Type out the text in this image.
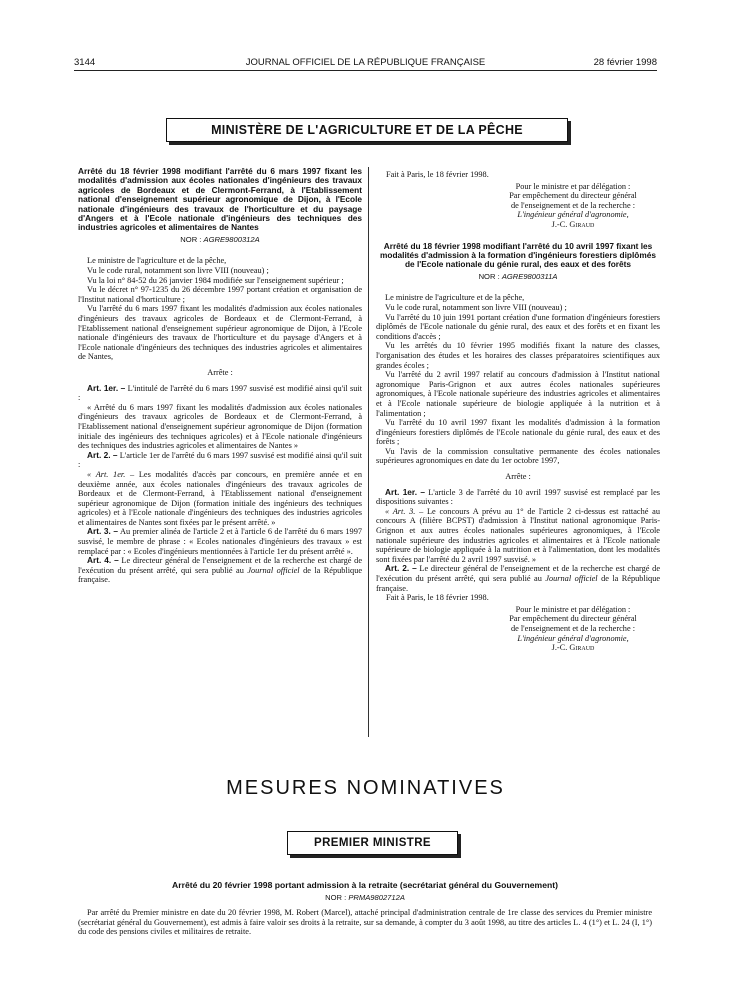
3144	JOURNAL OFFICIEL DE LA RÉPUBLIQUE FRANÇAISE	28 février 1998
MINISTÈRE DE L'AGRICULTURE ET DE LA PÊCHE

Arrêté du 18 février 1998 modifiant l'arrêté du 6 mars 1997 fixant les modalités d'admission aux écoles nationales d'ingénieurs des travaux agricoles de Bordeaux et de Clermont-Ferrand, à l'Etablissement national d'enseignement supérieur agronomique de Dijon, à l'Ecole nationale d'ingénieurs des travaux de l'horticulture et du paysage d'Angers et à l'Ecole nationale d'ingénieurs des techniques des industries agricoles et alimentaires de Nantes

NOR : AGRE9800312A

Le ministre de l'agriculture et de la pêche,

Vu le code rural, notamment son livre VIII (nouveau) ;

Vu la loi n° 84-52 du 26 janvier 1984 modifiée sur l'enseignement supérieur ;

Vu le décret n° 97-1235 du 26 décembre 1997 portant création et organisation de l'Institut national d'horticulture ;

Vu l'arrêté du 6 mars 1997 fixant les modalités d'admission aux écoles nationales d'ingénieurs des travaux agricoles de Bordeaux et de Clermont-Ferrand, à l'Etablissement national d'enseignement supérieur agronomique de Dijon, à l'Ecole nationale d'ingénieurs des travaux de l'horticulture et du paysage d'Angers et à l'Ecole nationale d'ingénieurs des techniques des industries agricoles et alimentaires de Nantes,

Arrête :

Art. 1er. – L'intitulé de l'arrêté du 6 mars 1997 susvisé est modifié ainsi qu'il suit :

« Arrêté du 6 mars 1997 fixant les modalités d'admission aux écoles nationales d'ingénieurs des travaux agricoles de Bordeaux et de Clermont-Ferrand, à l'Etablissement national d'enseignement supérieur agronomique de Dijon (formation initiale des ingénieurs des techniques agricoles) et à l'Ecole nationale d'ingénieurs des techniques des industries agricoles et alimentaires de Nantes »

Art. 2. – L'article 1er de l'arrêté du 6 mars 1997 susvisé est modifié ainsi qu'il suit :

« Art. 1er. – Les modalités d'accès par concours, en première année et en deuxième année, aux écoles nationales d'ingénieurs des travaux agricoles de Bordeaux et de Clermont-Ferrand, à l'Etablissement national d'enseignement supérieur agronomique de Dijon (formation initiale des ingénieurs des techniques agricoles) et à l'Ecole nationale d'ingénieurs des techniques des industries agricoles et alimentaires de Nantes sont fixées par le présent arrêté. »

Art. 3. – Au premier alinéa de l'article 2 et à l'article 6 de l'arrêté du 6 mars 1997 susvisé, le membre de phrase : « Ecoles nationales d'ingénieurs des travaux » est remplacé par : « Ecoles d'ingénieurs mentionnées à l'article 1er du présent arrêté ».

Art. 4. – Le directeur général de l'enseignement et de la recherche est chargé de l'exécution du présent arrêté, qui sera publié au Journal officiel de la République française.

Fait à Paris, le 18 février 1998.

Pour le ministre et par délégation :
Par empêchement du directeur général
de l'enseignement et de la recherche :
L'ingénieur général d'agronomie,
J.-C. Giraud

Arrêté du 18 février 1998 modifiant l'arrêté du 10 avril 1997 fixant les modalités d'admission à la formation d'ingénieurs forestiers diplômés de l'Ecole nationale du génie rural, des eaux et des forêts

NOR : AGRE9800311A

Le ministre de l'agriculture et de la pêche,

Vu le code rural, notamment son livre VIII (nouveau) ;

Vu l'arrêté du 10 juin 1991 portant création d'une formation d'ingénieurs forestiers diplômés de l'Ecole nationale du génie rural, des eaux et des forêts et en fixant les conditions d'accès ;

Vu les arrêtés du 10 février 1995 modifiés fixant la nature des classes, l'organisation des études et les horaires des classes préparatoires scientifiques aux grandes écoles ;

Vu l'arrêté du 2 avril 1997 relatif au concours d'admission à l'Institut national agronomique Paris-Grignon et aux autres écoles nationales supérieures agronomiques, à l'Ecole nationale supérieure des industries agricoles et alimentaires et à l'Ecole nationale supérieure de biologie appliquée à la nutrition et à l'alimentation ;

Vu l'arrêté du 10 avril 1997 fixant les modalités d'admission à la formation d'ingénieurs forestiers diplômés de l'Ecole nationale du génie rural, des eaux et des forêts ;

Vu l'avis de la commission consultative permanente des écoles nationales supérieures agronomiques en date du 1er octobre 1997,

Arrête :

Art. 1er. – L'article 3 de l'arrêté du 10 avril 1997 susvisé est remplacé par les dispositions suivantes :

« Art. 3. – Le concours A prévu au 1° de l'article 2 ci-dessus est rattaché au concours A (filière BCPST) d'admission à l'Institut national agronomique Paris-Grignon et aux autres écoles nationales supérieures agronomiques, à l'Ecole nationale supérieure des industries agricoles et alimentaires et à l'Ecole nationale supérieure de biologie appliquée à la nutrition et à l'alimentation, dont les modalités sont fixées par l'arrêté du 2 avril 1997 susvisé. »

Art. 2. – Le directeur général de l'enseignement et de la recherche est chargé de l'exécution du présent arrêté, qui sera publié au Journal officiel de la République française.

Fait à Paris, le 18 février 1998.

Pour le ministre et par délégation :
Par empêchement du directeur général
de l'enseignement et de la recherche :
L'ingénieur général d'agronomie,
J.-C. Giraud
MESURES NOMINATIVES
PREMIER MINISTRE
Arrêté du 20 février 1998 portant admission à la retraite (secrétariat général du Gouvernement)
NOR : PRMA9802712A

Par arrêté du Premier ministre en date du 20 février 1998, M. Robert (Marcel), attaché principal d'administration centrale de 1re classe des services du Premier ministre (secrétariat général du Gouvernement), est admis à faire valoir ses droits à la retraite, sur sa demande, à compter du 3 août 1998, au titre des articles L. 4 (1°) et L. 24 (I, 1°) du code des pensions civiles et militaires de retraite.
